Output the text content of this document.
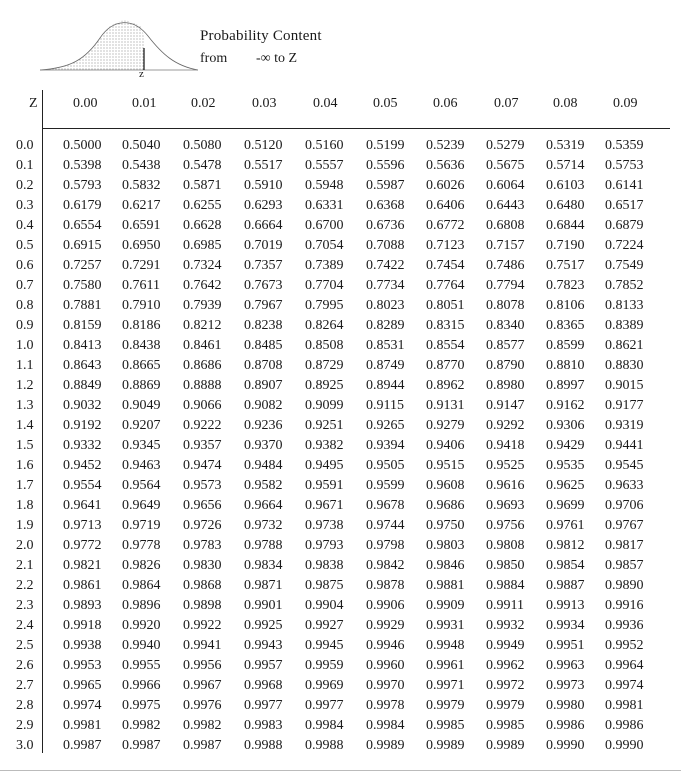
z
Probability Content
from -∞ to Z
Z	0.00 0.01 0.02	0.03	0.04	0.05	0.06	0.07 0.08	0.09
0.0	0.5000 0.5040 0.5080 0.5120 0.5160 0.5199 0.5239 0.5279 0.5319 0.5359
0.1	0.5398 0.5438 0.5478 0.5517 0.5557 0.5596 0.5636 0.5675 0.5714 0.5753
0.2	0.5793 0.5832 0.5871 0.5910 0.5948 0.5987 0.6026 0.6064 0.6103 0.6141
0.3	0.6179 0.6217 0.6255 0.6293 0.6331 0.6368 0.6406 0.6443 0.6480 0.6517
0.4	0.6554 0.6591 0.6628 0.6664 0.6700 0.6736 0.6772 0.6808 0.6844 0.6879
0.5	0.6915 0.6950 0.6985 0.7019 0.7054 0.7088 0.7123 0.7157 0.7190 0.7224
0.6	0.7257 0.7291 0.7324 0.7357 0.7389 0.7422 0.7454 0.7486 0.7517 0.7549
0.7	0.7580 0.7611 0.7642 0.7673 0.7704 0.7734 0.7764 0.7794 0.7823 0.7852
0.8	0.7881 0.7910 0.7939 0.7967 0.7995 0.8023 0.8051 0.8078 0.8106 0.8133
0.9	0.8159 0.8186 0.8212 0.8238 0.8264 0.8289 0.8315 0.8340 0.8365 0.8389
1.0	0.8413 0.8438 0.8461 0.8485 0.8508 0.8531 0.8554 0.8577 0.8599 0.8621
1.1	0.8643 0.8665 0.8686 0.8708 0.8729 0.8749 0.8770 0.8790 0.8810 0.8830
1.2	0.8849 0.8869 0.8888 0.8907 0.8925 0.8944 0.8962 0.8980 0.8997 0.9015
1.3	0.9032 0.9049 0.9066 0.9082 0.9099 0.9115 0.9131 0.9147 0.9162 0.9177
1.4	0.9192 0.9207 0.9222 0.9236 0.9251 0.9265 0.9279 0.9292 0.9306 0.9319
1.5	0.9332 0.9345 0.9357 0.9370 0.9382 0.9394 0.9406 0.9418 0.9429 0.9441
1.6	0.9452 0.9463 0.9474 0.9484 0.9495 0.9505 0.9515 0.9525 0.9535 0.9545
1.7	0.9554 0.9564 0.9573 0.9582 0.9591 0.9599 0.9608 0.9616 0.9625 0.9633
1.8	0.9641 0.9649 0.9656 0.9664 0.9671 0.9678 0.9686 0.9693 0.9699 0.9706
1.9	0.9713 0.9719 0.9726 0.9732 0.9738 0.9744 0.9750 0.9756 0.9761 0.9767
2.0	0.9772 0.9778 0.9783 0.9788 0.9793 0.9798 0.9803 0.9808 0.9812 0.9817
2.1	0.9821 0.9826 0.9830 0.9834 0.9838 0.9842 0.9846 0.9850 0.9854 0.9857
2.2	0.9861 0.9864 0.9868 0.9871 0.9875 0.9878 0.9881 0.9884 0.9887 0.9890
2.3	0.9893 0.9896 0.9898 0.9901 0.9904 0.9906 0.9909 0.9911 0.9913 0.9916
2.4	0.9918 0.9920 0.9922 0.9925 0.9927 0.9929 0.9931 0.9932 0.9934 0.9936
2.5	0.9938 0.9940 0.9941 0.9943 0.9945 0.9946 0.9948 0.9949 0.9951 0.9952
2.6	0.9953 0.9955 0.9956 0.9957 0.9959 0.9960 0.9961 0.9962 0.9963 0.9964
2.7	0.9965 0.9966 0.9967 0.9968 0.9969 0.9970 0.9971 0.9972 0.9973 0.9974
2.8	0.9974 0.9975 0.9976 0.9977 0.9977 0.9978 0.9979 0.9979 0.9980 0.9981
2.9	0.9981 0.9982 0.9982 0.9983 0.9984 0.9984 0.9985 0.9985 0.9986 0.9986
3.0	0.9987 0.9987 0.9987 0.9988 0.9988 0.9989 0.9989 0.9989 0.9990 0.9990
